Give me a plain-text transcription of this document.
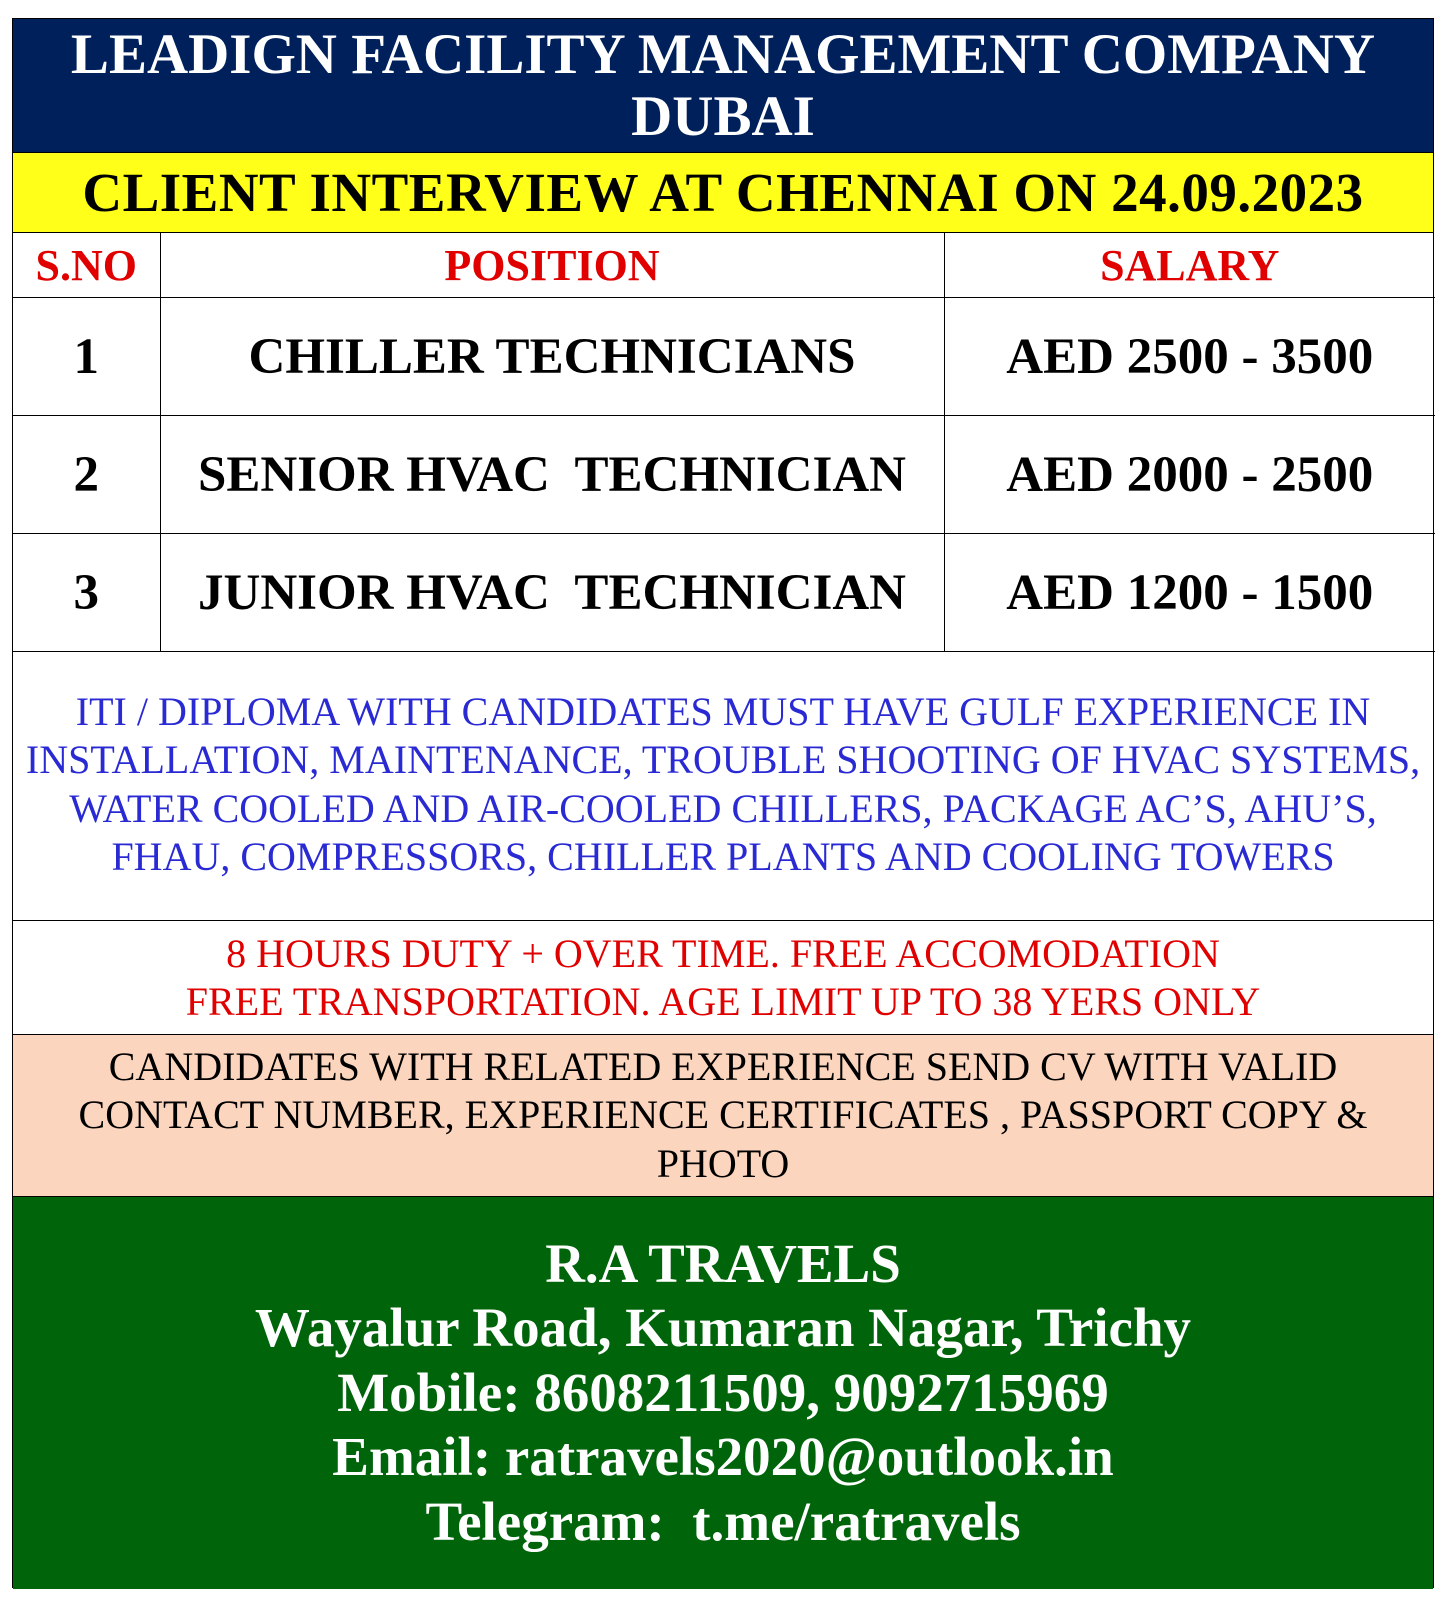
LEADIGN FACILITY MANAGEMENT COMPANY
DUBAI
CLIENT INTERVIEW AT CHENNAI ON 24.09.2023
S.NO	POSITION	SALARY
1	CHILLER TECHNICIANS	AED 2500 - 3500
2	SENIOR HVAC  TECHNICIAN	AED 2000 - 2500
3	JUNIOR HVAC  TECHNICIAN	AED 1200 - 1500
ITI / DIPLOMA WITH CANDIDATES MUST HAVE GULF EXPERIENCE IN INSTALLATION, MAINTENANCE, TROUBLE SHOOTING OF HVAC SYSTEMS, WATER COOLED AND AIR-COOLED CHILLERS, PACKAGE AC’S, AHU’S, FHAU, COMPRESSORS, CHILLER PLANTS AND COOLING TOWERS
8 HOURS DUTY + OVER TIME. FREE ACCOMODATION
FREE TRANSPORTATION. AGE LIMIT UP TO 38 YERS ONLY
CANDIDATES WITH RELATED EXPERIENCE SEND CV WITH VALID CONTACT NUMBER, EXPERIENCE CERTIFICATES , PASSPORT COPY & PHOTO
R.A TRAVELS
Wayalur Road, Kumaran Nagar, Trichy
Mobile: 8608211509, 9092715969
Email: ratravels2020@outlook.in
Telegram:  t.me/ratravels
